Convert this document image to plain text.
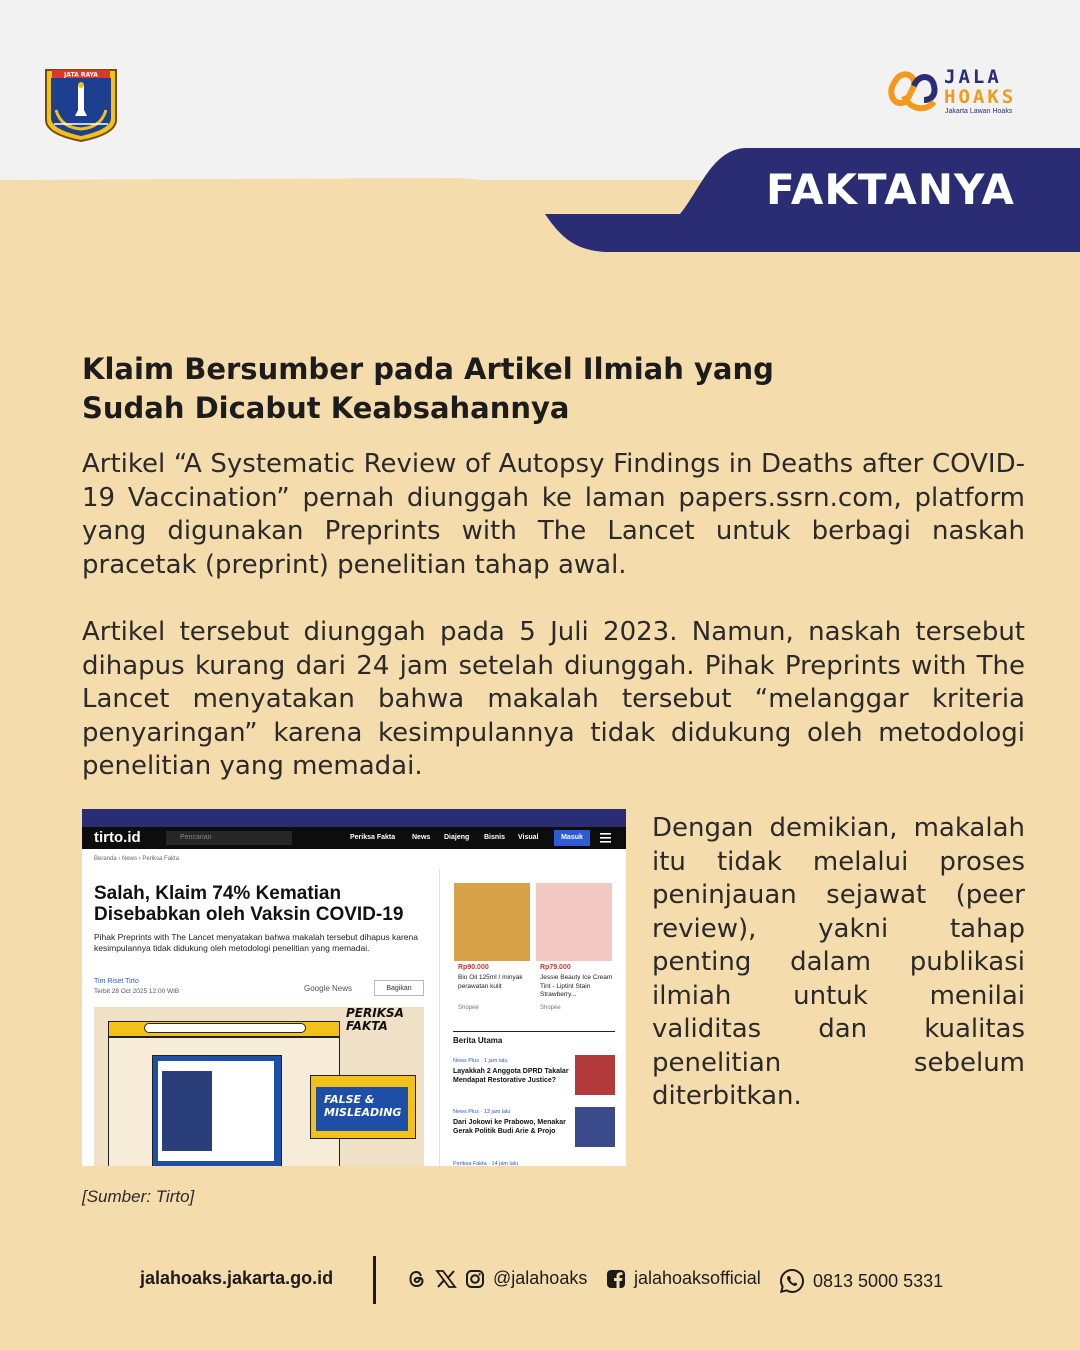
JATA RAYA	JALA
HOAKS
Jakarta Lawan Hoaks
FAKTANYA
Klaim Bersumber pada Artikel Ilmiah yang Sudah Dicabut Keabsahannya

Artikel “A Systematic Review of Autopsy Findings in Deaths after COVID-19 Vaccination” pernah diunggah ke laman papers.ssrn.com, platform yang digunakan Preprints with The Lancet untuk berbagi naskah pracetak (preprint) penelitian tahap awal.

Artikel tersebut diunggah pada 5 Juli 2023. Namun, naskah tersebut dihapus kurang dari 24 jam setelah diunggah. Pihak Preprints with The Lancet menyatakan bahwa makalah tersebut “melanggar kriteria penyaringan” karena kesimpulannya tidak didukung oleh metodologi penelitian yang memadai.

Dengan demikian, makalah itu tidak melalui proses peninjauan sejawat (peer review), yakni tahap penting dalam publikasi ilmiah untuk menilai validitas dan kualitas penelitian sebelum diterbitkan.

tirto.id	Pencarian	Periksa Fakta News Diajeng Bisnis Visual	Masuk
Beranda › News › Periksa Fakta
Salah, Klaim 74% Kematian Disebabkan oleh Vaksin COVID-19
Pihak Preprints with The Lancet menyatakan bahwa makalah tersebut dihapus karena kesimpulannya tidak didukung oleh metodologi penelitian yang memadai.
Tim Riset Tirto
Terbit 28 Oct 2025 12:00 WIB	Google News	Bagikan
PERIKSA FAKTA
FALSE & MISLEADING
Rp90.000	Rp79.000
Bio Oil 125ml / minyak perawatan kulit
Jessie Beauty Ice Cream Tint - Liptint Stain Strawberry...
Shopee	Shopee
Berita Utama
News Plus · 1 jam lalu
Layakkah 2 Anggota DPRD Takalar Mendapat Restorative Justice?
News Plus · 13 jam lalu
Dari Jokowi ke Prabowo, Menakar Gerak Politik Budi Arie & Projo
Periksa Fakta · 14 jam lalu
[Sumber: Tirto]
jalahoaks.jakarta.go.id	@jalahoaks	jalahoaksofficial	0813 5000 5331
